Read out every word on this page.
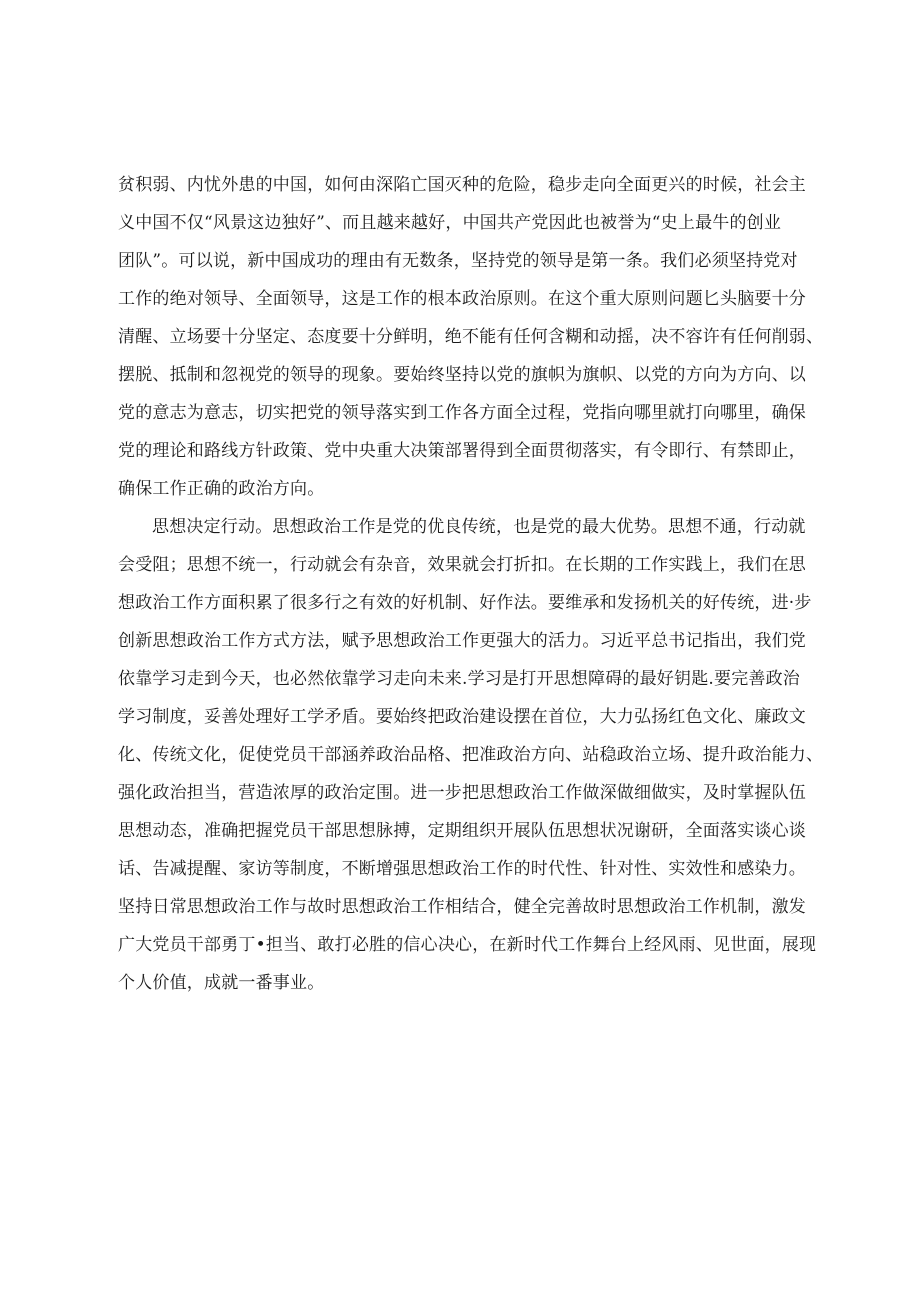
贫积弱、内忧外患的中国，如何由深陷亡国灭种的危险，稳步走向全面更兴的时候，社会主

义中国不仅“风景这边独好”、而且越来越好，中国共产党因此也被誉为“史上最牛的创业

团队”。可以说，新中国成功的理由有无数条，坚持党的领导是第一条。我们必须坚持党对

工作的绝对领导、全面领导，这是工作的根本政治原则。在这个重大原则问题匕头脑要十分

清醒、立场要十分坚定、态度要十分鲜明，绝不能有任何含糊和动摇，决不容许有任何削弱、

摆脱、抵制和忽视党的领导的现象。要始终坚持以党的旗帜为旗帜、以党的方向为方向、以

党的意志为意志，切实把党的领导落实到工作各方面全过程，党指向哪里就打向哪里，确保

党的理论和路线方针政策、党中央重大决策部署得到全面贯彻落实，有令即行、有禁即止，

确保工作正确的政治方向。

思想决定行动。思想政治工作是党的优良传统，也是党的最大优势。思想不通，行动就

会受阻；思想不统一，行动就会有杂音，效果就会打折扣。在长期的工作实践上，我们在思

想政治工作方面积累了很多行之有效的好机制、好作法。要维承和发扬机关的好传统，进·步

创新思想政治工作方式方法，赋予思想政治工作更强大的活力。习近平总书记指出，我们党

依靠学习走到今天，也必然依靠学习走向未来.学习是打开思想障碍的最好钥匙.要完善政治

学习制度，妥善处理好工学矛盾。要始终把政治建设摆在首位，大力弘扬红色文化、廉政文

化、传统文化，促使党员干部涵养政治品格、把准政治方向、站稳政治立场、提升政治能力、

强化政治担当，营造浓厚的政治定围。进一步把思想政治工作做深做细做实，及时掌握队伍

思想动态，准确把握党员干部思想脉搏，定期组织开展队伍思想状况谢研，全面落实谈心谈

话、告减提醒、家访等制度，不断增强思想政治工作的时代性、针对性、实效性和感染力。

坚持日常思想政治工作与故时思想政治工作相结合，健全完善故时思想政治工作机制，激发

广大党员干部勇丁•担当、敢打必胜的信心决心，在新时代工作舞台上经风雨、见世面，展现

个人价值，成就一番事业。
